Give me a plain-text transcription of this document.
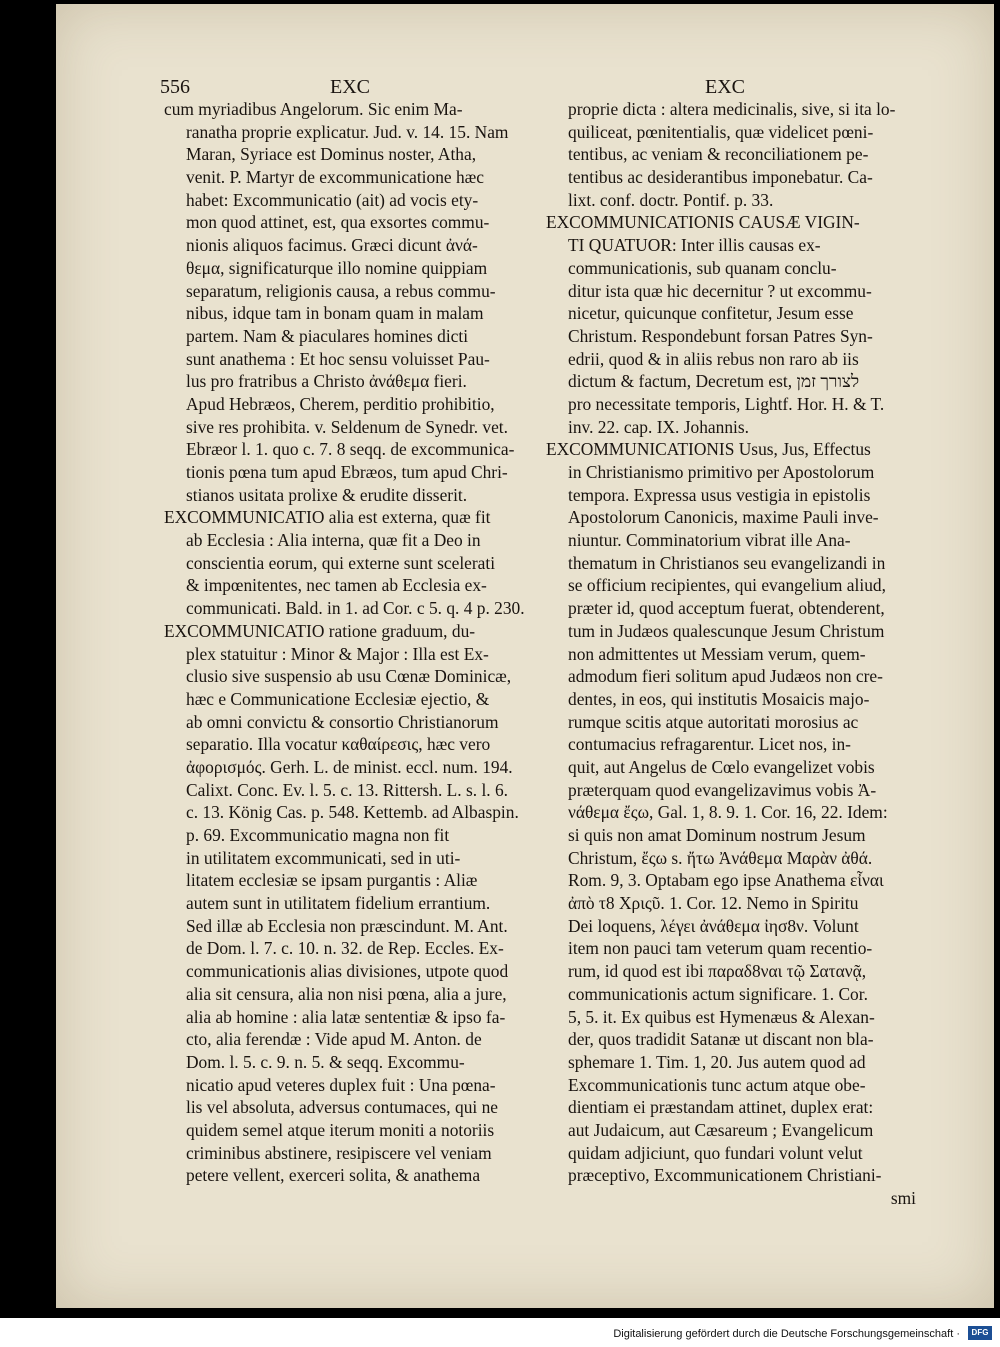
556	EXC	EXC
cum myriadibus Angelorum. Sic enim Ma-
ranatha proprie explicatur. Jud. v. 14. 15. Nam
Maran, Syriace est Dominus noster, Atha,
venit. P. Martyr de excommunicatione hæc
habet: Excommunicatio (ait) ad vocis ety-
mon quod attinet, est, qua exsortes commu-
nionis aliquos facimus. Græci dicunt ἀνά-
θεμα, significaturque illo nomine quippiam
separatum, religionis causa, a rebus commu-
nibus, idque tam in bonam quam in malam
partem. Nam & piaculares homines dicti
sunt anathema : Et hoc sensu voluisset Pau-
lus pro fratribus a Christo ἀνάθεμα fieri.
Apud Hebræos, Cherem, perditio prohibitio,
sive res prohibita. v. Seldenum de Synedr. vet.
Ebræor l. 1. quo c. 7. 8 seqq. de excommunica-
tionis pœna tum apud Ebræos, tum apud Chri-
stianos usitata prolixe & erudite disserit.
EXCOMMUNICATIO alia est externa, quæ fit
ab Ecclesia : Alia interna, quæ fit a Deo in
conscientia eorum, qui externe sunt scelerati
& impœnitentes, nec tamen ab Ecclesia ex-
communicati. Bald. in 1. ad Cor. c 5. q. 4 p. 230.
EXCOMMUNICATIO ratione graduum, du-
plex statuitur : Minor & Major : Illa est Ex-
clusio sive suspensio ab usu Cœnæ Dominicæ,
hæc e Communicatione Ecclesiæ ejectio, &
ab omni convictu & consortio Christianorum
separatio. Illa vocatur καθαίρεσις, hæc vero
ἀφορισμός. Gerh. L. de minist. eccl. num. 194.
Calixt. Conc. Ev. l. 5. c. 13. Rittersh. L. s. l. 6.
c. 13. König Cas. p. 548. Kettemb. ad Albaspin.
p. 69. Excommunicatio magna non fit
in utilitatem excommunicati, sed in uti-
litatem ecclesiæ se ipsam purgantis : Aliæ
autem sunt in utilitatem fidelium errantium.
Sed illæ ab Ecclesia non præscindunt. M. Ant.
de Dom. l. 7. c. 10. n. 32. de Rep. Eccles. Ex-
communicationis alias divisiones, utpote quod
alia sit censura, alia non nisi pœna, alia a jure,
alia ab homine : alia latæ sententiæ & ipso fa-
cto, alia ferendæ : Vide apud M. Anton. de
Dom. l. 5. c. 9. n. 5. & seqq. Excommu-
nicatio apud veteres duplex fuit : Una pœna-
lis vel absoluta, adversus contumaces, qui ne
quidem semel atque iterum moniti a notoriis
criminibus abstinere, resipiscere vel veniam
petere vellent, exerceri solita, & anathema
proprie dicta : altera medicinalis, sive, si ita lo-
quiliceat, pœnitentialis, quæ videlicet pœni-
tentibus, ac veniam & reconciliationem pe-
tentibus ac desiderantibus imponebatur. Ca-
lixt. conf. doctr. Pontif. p. 33.
EXCOMMUNICATIONIS CAUSÆ VIGIN-
TI QUATUOR: Inter illis causas ex-
communicationis, sub quanam conclu-
ditur ista quæ hic decernitur ? ut excommu-
nicetur, quicunque confitetur, Jesum esse
Christum. Respondebunt forsan Patres Syn-
edrii, quod & in aliis rebus non raro ab iis
dictum & factum, Decretum est, לצורך זמן
pro necessitate temporis, Lightf. Hor. H. & T.
inv. 22. cap. IX. Johannis.
EXCOMMUNICATIONIS Usus, Jus, Effectus
in Christianismo primitivo per Apostolorum
tempora. Expressa usus vestigia in epistolis
Apostolorum Canonicis, maxime Pauli inve-
niuntur. Comminatorium vibrat ille Ana-
thematum in Christianos seu evangelizandi in
se officium recipientes, qui evangelium aliud,
præter id, quod acceptum fuerat, obtenderent,
tum in Judæos qualescunque Jesum Christum
non admittentes ut Messiam verum, quem-
admodum fieri solitum apud Judæos non cre-
dentes, in eos, qui institutis Mosaicis majo-
rumque scitis atque autoritati morosius ac
contumacius refragarentur. Licet nos, in-
quit, aut Angelus de Cœlo evangelizet vobis
præterquam quod evangelizavimus vobis Ἀ-
νάθεμα ἔςω, Gal. 1, 8. 9. 1. Cor. 16, 22. Idem:
si quis non amat Dominum nostrum Jesum
Christum, ἔςω s. ἤτω Ἀνάθεμα Μαρὰν ἀθά.
Rom. 9, 3. Optabam ego ipse Anathema εἶναι
ἀπὸ τ8 Χριςῦ. 1. Cor. 12. Nemo in Spiritu
Dei loquens, λέγει ἀνάθεμα ἰησ8ν. Volunt
item non pauci tam veterum quam recentio-
rum, id quod est ibi παραδ8ναι τῷ Σατανᾷ,
communicationis actum significare. 1. Cor.
5, 5. it. Ex quibus est Hymenæus & Alexan-
der, quos tradidit Satanæ ut discant non bla-
sphemare 1. Tim. 1, 20. Jus autem quod ad
Excommunicationis tunc actum atque obe-
dientiam ei præstandam attinet, duplex erat:
aut Judaicum, aut Cæsareum ; Evangelicum
quidam adjiciunt, quo fundari volunt velut
præceptivo, Excommunicationem Christiani-
smi
Digitalisierung gefördert durch die Deutsche Forschungsgemeinschaft ·	DFG
